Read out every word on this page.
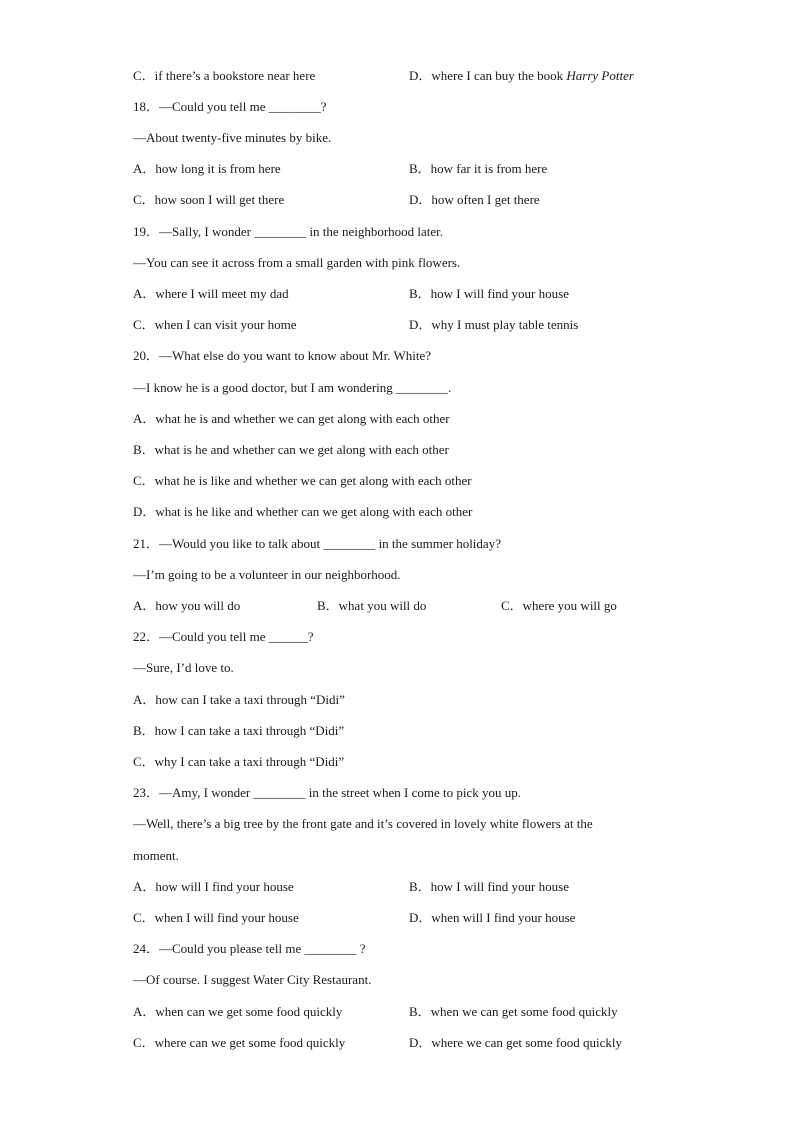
C．if there’s a bookstore near here	D．where I can buy the book Harry Potter
18．—Could you tell me ________?
—About twenty-five minutes by bike.
A．how long it is from here	B．how far it is from here
C．how soon I will get there	D．how often I get there
19．—Sally, I wonder ________ in the neighborhood later.
—You can see it across from a small garden with pink flowers.
A．where I will meet my dad	B．how I will find your house
C．when I can visit your home	D．why I must play table tennis
20．—What else do you want to know about Mr. White?
—I know he is a good doctor, but I am wondering ________.
A．what he is and whether we can get along with each other
B．what is he and whether can we get along with each other
C．what he is like and whether we can get along with each other
D．what is he like and whether can we get along with each other
21．—Would you like to talk about ________ in the summer holiday?
—I’m going to be a volunteer in our neighborhood.
A．how you will do	B．what you will do	C．where you will go
22．—Could you tell me ______?
—Sure, I’d love to.
A．how can I take a taxi through “Didi”
B．how I can take a taxi through “Didi”
C．why I can take a taxi through “Didi”
23．—Amy, I wonder ________ in the street when I come to pick you up.
—Well, there’s a big tree by the front gate and it’s covered in lovely white flowers at the
moment.
A．how will I find your house	B．how I will find your house
C．when I will find your house	D．when will I find your house
24．—Could you please tell me ________ ?
—Of course. I suggest Water City Restaurant.
A．when can we get some food quickly	B．when we can get some food quickly
C．where can we get some food quickly	D．where we can get some food quickly
